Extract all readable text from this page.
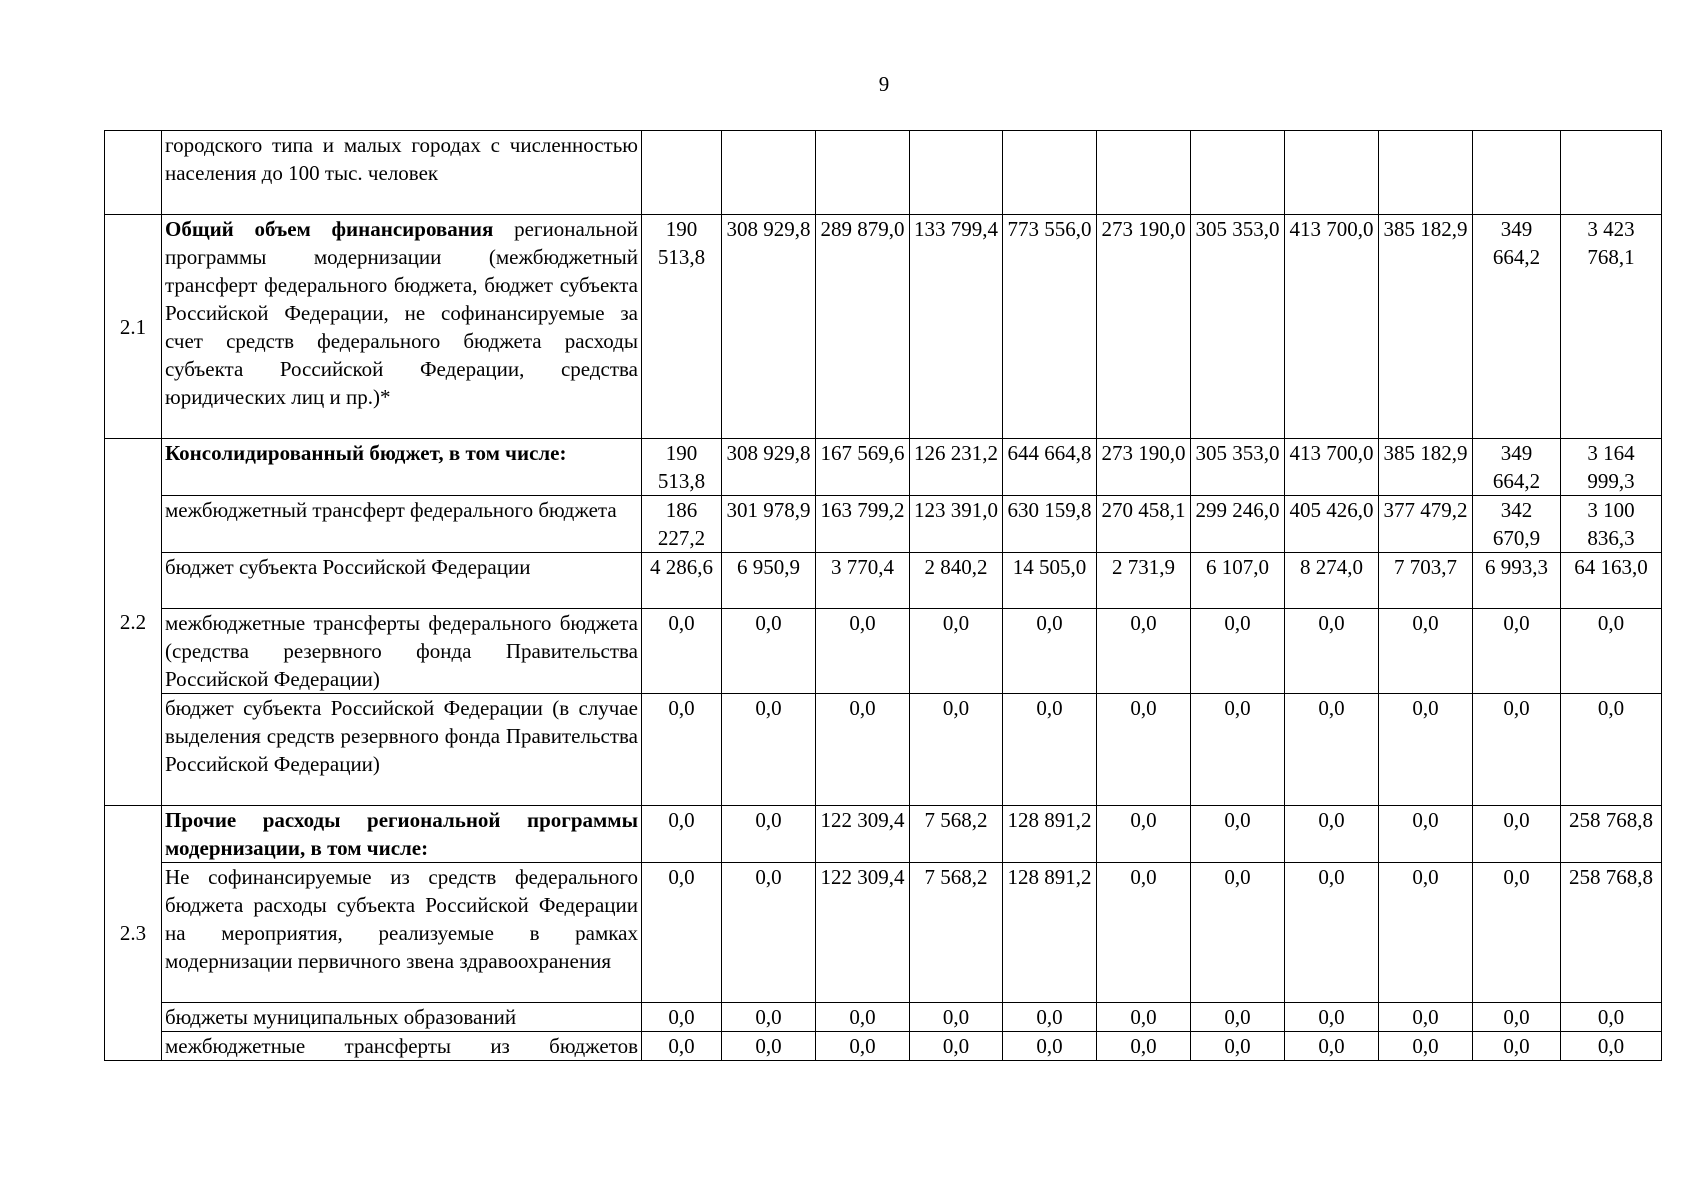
9
	городского типа и малых городах с численностью населения до 100 тыс. человек											
2.1	Общий объем финансирования региональной программы модернизации (межбюджетный трансферт федерального бюджета, бюджет субъекта Российской Федерации, не софинансируемые за счет средств федерального бюджета расходы субъекта Российской Федерации, средства юридических лиц и пр.)*	190 513,8	308 929,8	289 879,0	133 799,4	773 556,0	273 190,0	305 353,0	413 700,0	385 182,9	349 664,2	3 423 768,1
2.2	Консолидированный бюджет, в том числе:	190 513,8	308 929,8	167 569,6	126 231,2	644 664,8	273 190,0	305 353,0	413 700,0	385 182,9	349 664,2	3 164 999,3
	межбюджетный трансферт федерального бюджета	186 227,2	301 978,9	163 799,2	123 391,0	630 159,8	270 458,1	299 246,0	405 426,0	377 479,2	342 670,9	3 100 836,3
	бюджет субъекта Российской Федерации	4 286,6	6 950,9	3 770,4	2 840,2	14 505,0	2 731,9	6 107,0	8 274,0	7 703,7	6 993,3	64 163,0
	межбюджетные трансферты федерального бюджета (средства резервного фонда Правительства Российской Федерации)	0,0	0,0	0,0	0,0	0,0	0,0	0,0	0,0	0,0	0,0	0,0
	бюджет субъекта Российской Федерации (в случае выделения средств резервного фонда Правительства Российской Федерации)	0,0	0,0	0,0	0,0	0,0	0,0	0,0	0,0	0,0	0,0	0,0
2.3	Прочие расходы региональной программы модернизации, в том числе:	0,0	0,0	122 309,4	7 568,2	128 891,2	0,0	0,0	0,0	0,0	0,0	258 768,8
	Не софинансируемые из средств федерального бюджета расходы субъекта Российской Федерации на мероприятия, реализуемые в рамках модернизации первичного звена здравоохранения	0,0	0,0	122 309,4	7 568,2	128 891,2	0,0	0,0	0,0	0,0	0,0	258 768,8
	бюджеты муниципальных образований	0,0	0,0	0,0	0,0	0,0	0,0	0,0	0,0	0,0	0,0	0,0
	межбюджетные трансферты из бюджетов	0,0	0,0	0,0	0,0	0,0	0,0	0,0	0,0	0,0	0,0	0,0
